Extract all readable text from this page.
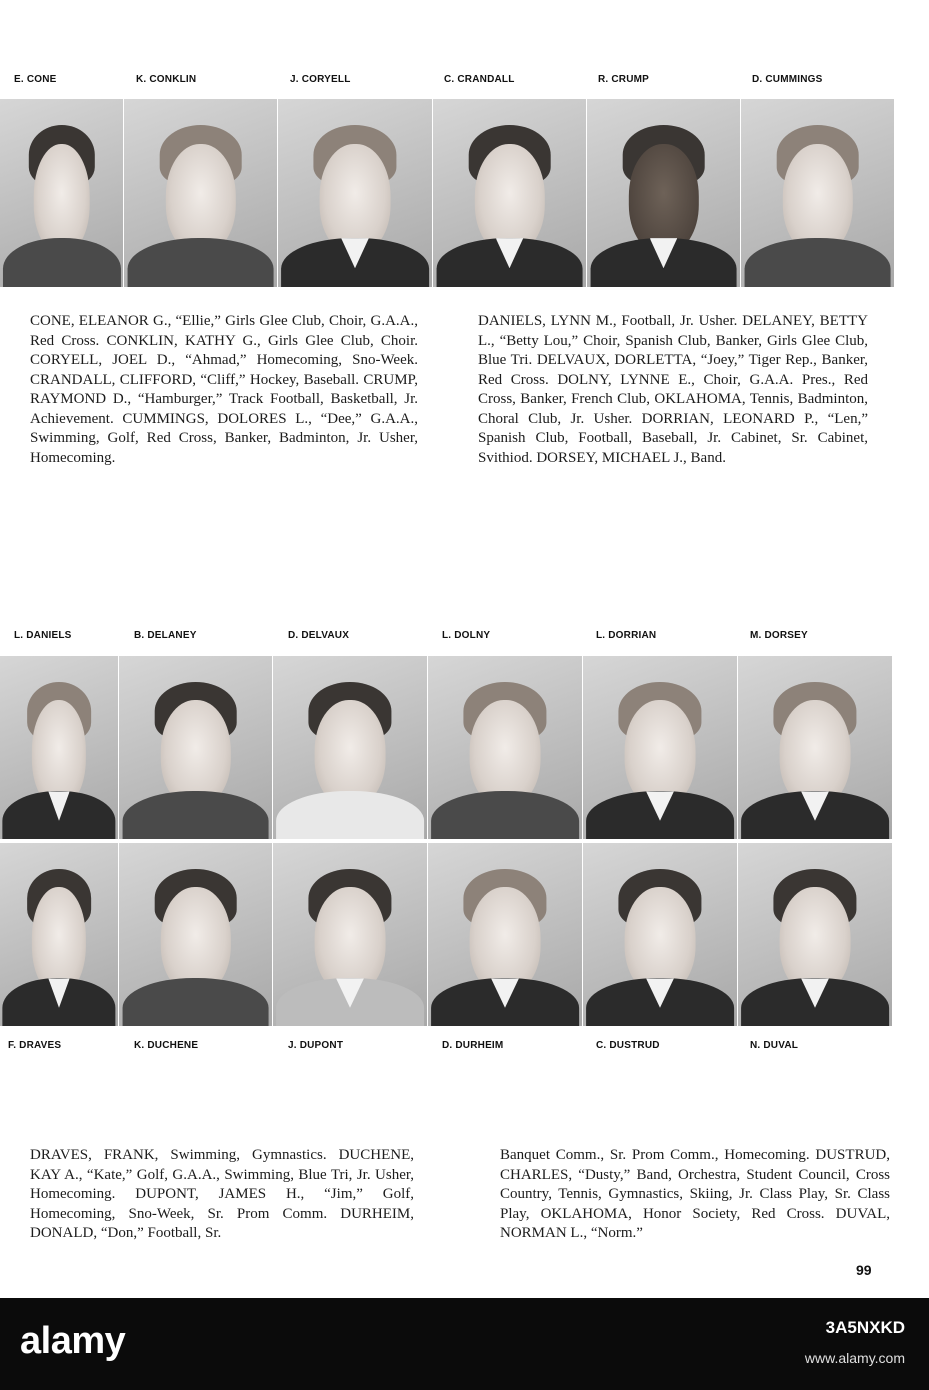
E. CONE	K. CONKLIN	J. CORYELL	C. CRANDALL	R. CRUMP	D. CUMMINGS
CONE, ELEANOR G., “Ellie,” Girls Glee Club, Choir, G.A.A., Red Cross. CONKLIN, KATHY G., Girls Glee Club, Choir. CORYELL, JOEL D., “Ahmad,” Homecoming, Sno-Week. CRANDALL, CLIFFORD, “Cliff,” Hockey, Baseball. CRUMP, RAYMOND D., “Hamburger,” Track Football, Basketball, Jr. Achievement. CUMMINGS, DOLORES L., “Dee,” G.A.A., Swimming, Golf, Red Cross, Banker, Badminton, Jr. Usher, Homecoming.
DANIELS, LYNN M., Football, Jr. Usher. DELANEY, BETTY L., “Betty Lou,” Choir, Spanish Club, Banker, Girls Glee Club, Blue Tri. DELVAUX, DORLETTA, “Joey,” Tiger Rep., Banker, Red Cross. DOLNY, LYNNE E., Choir, G.A.A. Pres., Red Cross, Banker, French Club, OKLAHOMA, Tennis, Badminton, Choral Club, Jr. Usher. DORRIAN, LEONARD P., “Len,” Spanish Club, Football, Baseball, Jr. Cabinet, Sr. Cabinet, Svithiod. DORSEY, MICHAEL J., Band.
L. DANIELS	B. DELANEY	D. DELVAUX	L. DOLNY	L. DORRIAN	M. DORSEY
F. DRAVES	K. DUCHENE	J. DUPONT	D. DURHEIM	C. DUSTRUD	N. DUVAL
DRAVES, FRANK, Swimming, Gymnastics. DUCHENE, KAY A., “Kate,” Golf, G.A.A., Swimming, Blue Tri, Jr. Usher, Homecoming. DUPONT, JAMES H., “Jim,” Golf, Homecoming, Sno-Week, Sr. Prom Comm. DURHEIM, DONALD, “Don,” Football, Sr.
Banquet Comm., Sr. Prom Comm., Homecoming. DUSTRUD, CHARLES, “Dusty,” Band, Orchestra, Student Council, Cross Country, Tennis, Gymnastics, Skiing, Jr. Class Play, Sr. Class Play, OKLAHOMA, Honor Society, Red Cross. DUVAL, NORMAN L., “Norm.”
99
alamy	3A5NXKD
www.alamy.com
